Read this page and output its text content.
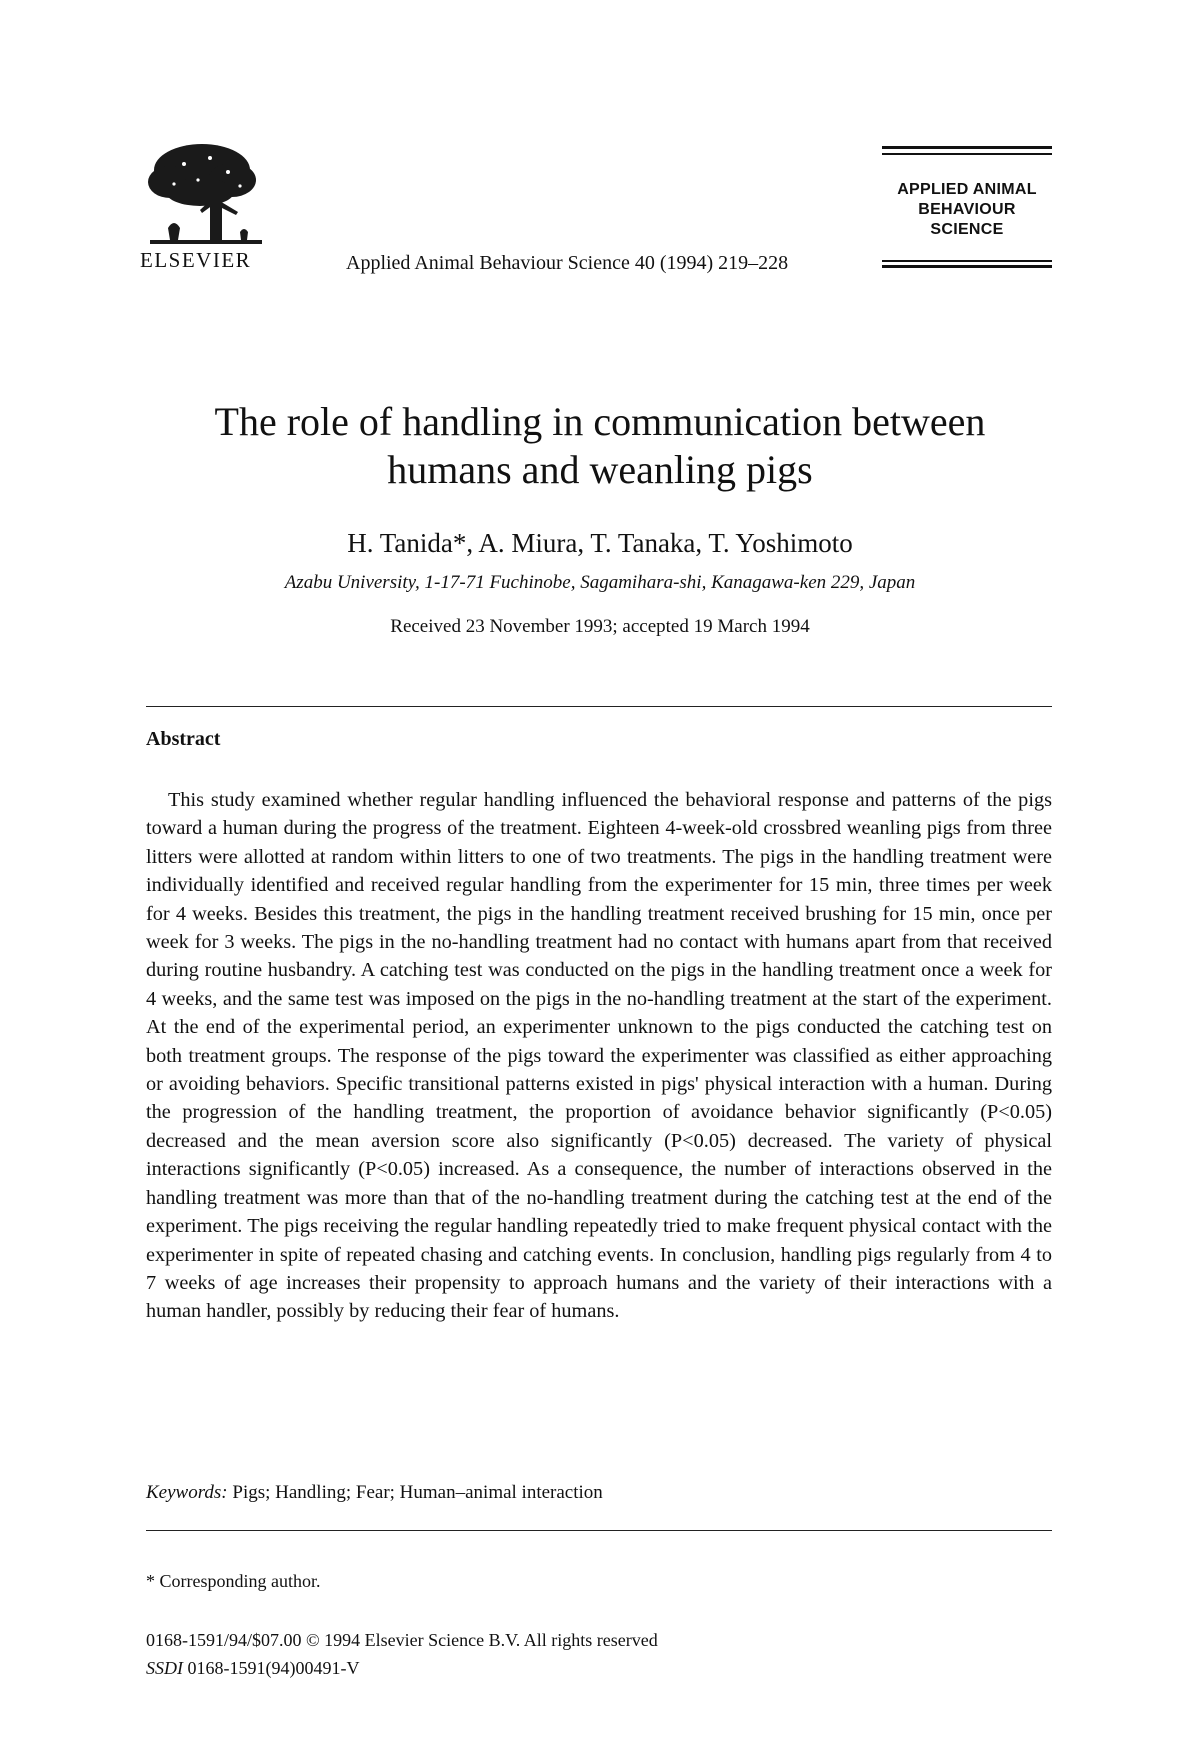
ELSEVIER	Applied Animal Behaviour Science 40 (1994) 219–228
APPLIED ANIMAL
BEHAVIOUR
SCIENCE
The role of handling in communication between
humans and weanling pigs
H. Tanida*, A. Miura, T. Tanaka, T. Yoshimoto
Azabu University, 1-17-71 Fuchinobe, Sagamihara-shi, Kanagawa-ken 229, Japan
Received 23 November 1993; accepted 19 March 1994
Abstract

This study examined whether regular handling influenced the behavioral response and patterns of the pigs toward a human during the progress of the treatment. Eighteen 4-week-old crossbred weanling pigs from three litters were allotted at random within litters to one of two treatments. The pigs in the handling treatment were individually identified and received regular handling from the experimenter for 15 min, three times per week for 4 weeks. Besides this treatment, the pigs in the handling treatment received brushing for 15 min, once per week for 3 weeks. The pigs in the no-handling treatment had no contact with humans apart from that received during routine husbandry. A catching test was conducted on the pigs in the handling treatment once a week for 4 weeks, and the same test was imposed on the pigs in the no-handling treatment at the start of the experiment. At the end of the experimental period, an experimenter unknown to the pigs conducted the catching test on both treatment groups. The response of the pigs toward the experimenter was classified as either approaching or avoiding behaviors. Specific transitional patterns existed in pigs' physical interaction with a human. During the progression of the handling treatment, the proportion of avoidance behavior significantly (P<0.05) decreased and the mean aversion score also significantly (P<0.05) decreased. The variety of physical interactions significantly (P<0.05) increased. As a consequence, the number of interactions observed in the handling treatment was more than that of the no-handling treatment during the catching test at the end of the experiment. The pigs receiving the regular handling repeatedly tried to make frequent physical contact with the experimenter in spite of repeated chasing and catching events. In conclusion, handling pigs regularly from 4 to 7 weeks of age increases their propensity to approach humans and the variety of their interactions with a human handler, possibly by reducing their fear of humans.

Keywords: Pigs; Handling; Fear; Human–animal interaction
* Corresponding author.
0168-1591/94/$07.00 © 1994 Elsevier Science B.V. All rights reserved
SSDI 0168-1591(94)00491-V
